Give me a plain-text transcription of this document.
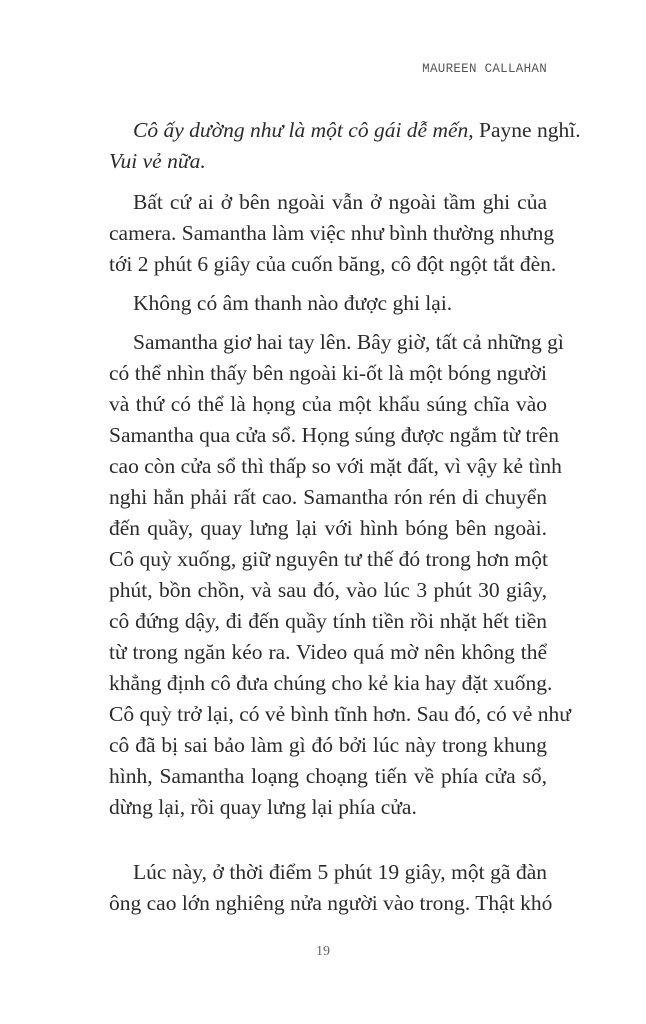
MAUREEN CALLAHAN
Cô ấy dường như là một cô gái dễ mến, Payne nghĩ.
Vui vẻ nữa.
Bất cứ ai ở bên ngoài vẫn ở ngoài tầm ghi của
camera. Samantha làm việc như bình thường nhưng
tới 2 phút 6 giây của cuốn băng, cô đột ngột tắt đèn.
Không có âm thanh nào được ghi lại.
Samantha giơ hai tay lên. Bây giờ, tất cả những gì
có thể nhìn thấy bên ngoài ki-ốt là một bóng người
và thứ có thể là họng của một khẩu súng chĩa vào
Samantha qua cửa sổ. Họng súng được ngắm từ trên
cao còn cửa sổ thì thấp so với mặt đất, vì vậy kẻ tình
nghi hẳn phải rất cao. Samantha rón rén di chuyển
đến quầy, quay lưng lại với hình bóng bên ngoài.
Cô quỳ xuống, giữ nguyên tư thế đó trong hơn một
phút, bồn chồn, và sau đó, vào lúc 3 phút 30 giây,
cô đứng dậy, đi đến quầy tính tiền rồi nhặt hết tiền
từ trong ngăn kéo ra. Video quá mờ nên không thể
khẳng định cô đưa chúng cho kẻ kia hay đặt xuống.
Cô quỳ trở lại, có vẻ bình tĩnh hơn. Sau đó, có vẻ như
cô đã bị sai bảo làm gì đó bởi lúc này trong khung
hình, Samantha loạng choạng tiến về phía cửa sổ,
dừng lại, rồi quay lưng lại phía cửa.
Lúc này, ở thời điểm 5 phút 19 giây, một gã đàn
ông cao lớn nghiêng nửa người vào trong. Thật khó
19
